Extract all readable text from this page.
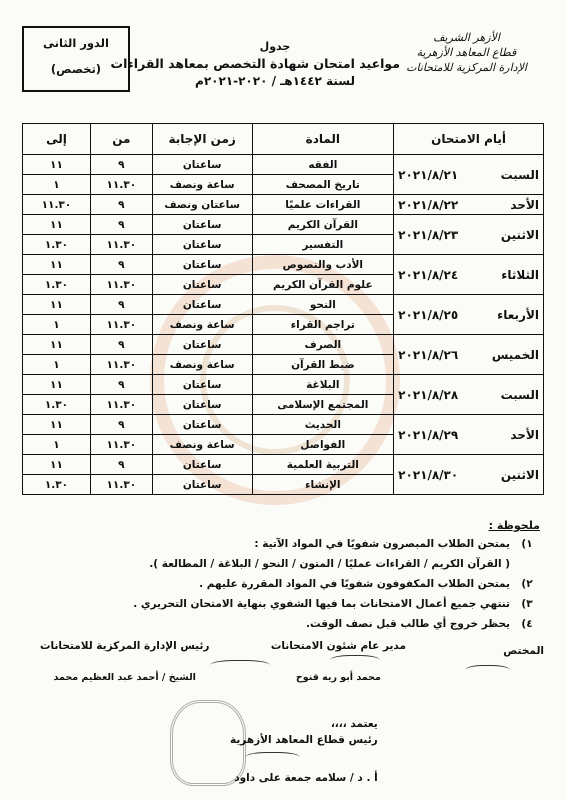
الأزهر الشريف
قطاع المعاهد الأزهرية
الإدارة المركزية للامتحانات
جدول
مواعيد امتحان شهادة التخصص بمعاهد القراءات
لسنة ١٤٤٢هـ / ٢٠٢٠-٢٠٢١م
الدور الثانى
(تخصص)
أيام الامتحان	المادة	زمن الإجابة	من	إلى

السبت
٢٠٢١/٨/٢١	الفقه	ساعتان	٩	١١
	تاريخ المصحف	ساعة ونصف	١١.٣٠	١

الأحد
٢٠٢١/٨/٢٢	القراءات علميًا	ساعتان ونصف	٩	١١.٣٠

الاثنين
٢٠٢١/٨/٢٣	القرآن الكريم	ساعتان	٩	١١
	التفسير	ساعتان	١١.٣٠	١.٣٠

الثلاثاء
٢٠٢١/٨/٢٤	الأدب والنصوص	ساعتان	٩	١١
	علوم القرآن الكريم	ساعتان	١١.٣٠	١.٣٠

الأربعاء
٢٠٢١/٨/٢٥	النحو	ساعتان	٩	١١
	تراجم القراء	ساعة ونصف	١١.٣٠	١

الخميس
٢٠٢١/٨/٢٦	الصرف	ساعتان	٩	١١
	ضبط القرآن	ساعة ونصف	١١.٣٠	١

السبت
٢٠٢١/٨/٢٨	البلاغة	ساعتان	٩	١١
	المجتمع الإسلامى	ساعتان	١١.٣٠	١.٣٠

الأحد
٢٠٢١/٨/٢٩	الحديث	ساعتان	٩	١١
	الفواصل	ساعة ونصف	١١.٣٠	١

الاثنين
٢٠٢١/٨/٣٠	التربية العلمية	ساعتان	٩	١١
	الإنشاء	ساعتان	١١.٣٠	١.٣٠
ملحوظة :
١)
يمتحن الطلاب المبصرون شفويًا في المواد الآتية :
( القرآن الكريم / القراءات عمليًا / المتون / النحو / البلاغة / المطالعة ).
٢)
يمتحن الطلاب المكفوفون شفويًا في المواد المقررة عليهم .
٣)
تنتهي جميع أعمال الامتحانات بما فيها الشفوي بنهاية الامتحان التحريري .
٤)
يحظر خروج أي طالب قبل نصف الوقت.
المختص
مدير عام شئون الامتحانات
محمد أبو ريه قنوح
رئيس الإدارة المركزية للامتحانات
الشيخ / أحمد عبد العظيم محمد
يعتمد ،،،،
رئيس قطاع المعاهد الأزهرية
أ . د / سلامه جمعة على داود
